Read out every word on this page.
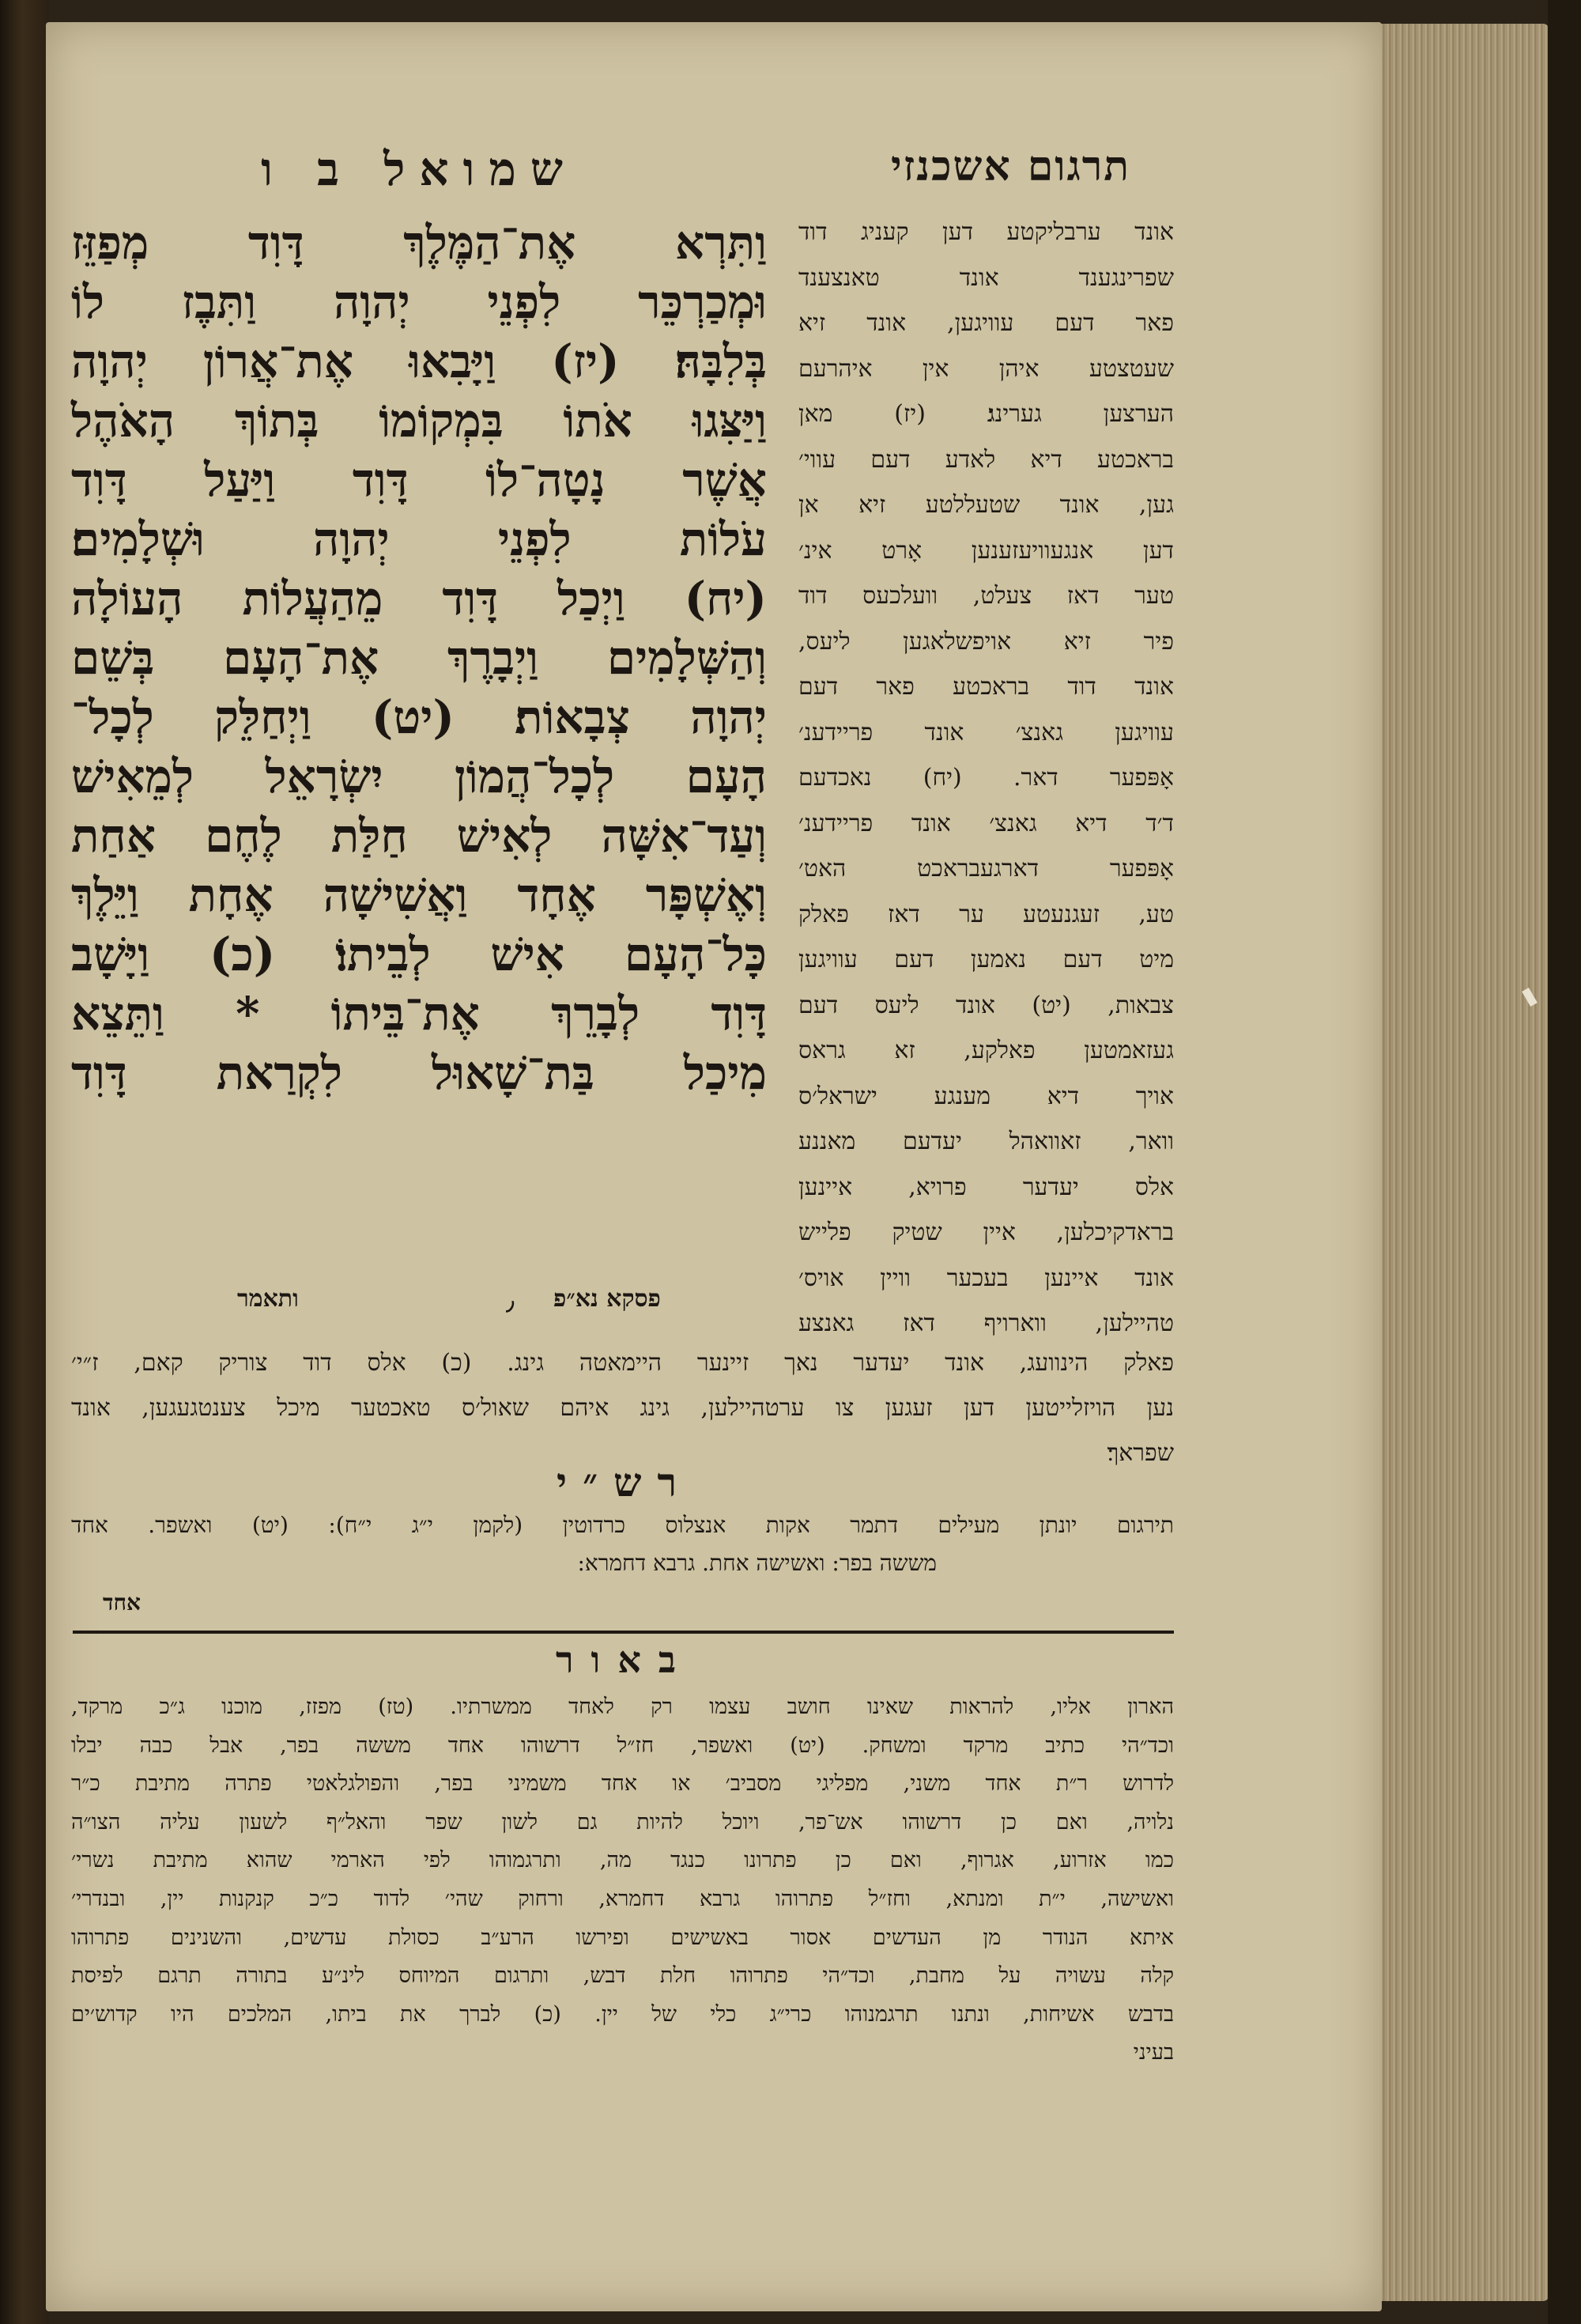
תרגום אשכנזי
שמואל ב ו
וַתִּרְא אֶת־הַמֶּלֶךְ דָּוִד מְפַזֵּז
וּמְכַרְכֵּר לִפְנֵי יְהוָה וַתִּבֶז לוֹ
בְּלִבָּהּ׃ (יז) וַיָּבִאוּ אֶת־אֲרוֹן יְהוָה
וַיַּצִּגוּ אֹתוֹ בִּמְקוֹמוֹ בְּתוֹךְ הָאֹהֶל
אֲשֶׁר נָטָה־לוֹ דָּוִד וַיַּעַל דָּוִד
עֹלוֹת לִפְנֵי יְהוָה וּשְׁלָמִים׃
(יח) וַיְכַל דָּוִד מֵהַעֲלוֹת הָעוֹלָה
וְהַשְּׁלָמִים וַיְבָרֶךְ אֶת־הָעָם בְּשֵׁם
יְהוָה צְבָאוֹת׃ (יט) וַיְחַלֵּק לְכָל־
הָעָם לְכָל־הֲמוֹן יִשְׂרָאֵל לְמֵאִישׁ
וְעַד־אִשָּׁה לְאִישׁ חַלַּת לֶחֶם אַחַת
וְאֶשְׁפָּר אֶחָד וַאֲשִׁישָׁה אֶחָת וַיֵּלֶךְ
כָּל־הָעָם אִישׁ לְבֵיתוֹ׃ (כ) וַיָּשָׁב
דָּוִד לְבָרֵךְ אֶת־בֵּיתוֹ * וַתֵּצֵא
מִיכַל בַּת־שָׁאוּל לִקְרַאת דָּוִד
פסקא נא״פ
٫
ותאמר
אונד ערבליקטע דען קעניג דוד
שפרינגענד אונד טאנצענד
פאר דעם עוויגען, אונד זיא
שעטצטע איהן אין איהרעם
הערצען גערינג׃ (יז) מאן
בראכטע דיא לאדע דעם עווי׳
גען, אונד שטעללטע זיא אן
דען אנגעוויעזענען אָרט אינ׳
טער דאז צעלט, וועלכעס דוד
פיר זיא אויפשלאגען ליעס,
אונד דוד בראכטע פאר דעם
עוויגען גאנצ׳ אונד פריידענ׳
אָפּפער דאר. (יח) נאכדעם
ד׳ד דיא גאנצ׳ אונד פריידענ׳
אָפּפער דארגעבראכט האט׳
טע, זעגנעטע ער דאז פאלק
מיט דעם נאמען דעם עוויגען
צבאות, (יט) אונד ליעס דעם
געזאמטען פאלקע, זא גראס
אויך דיא מענגע ישראל׳ס
וואר, זאוואהל יעדעם מאננע
אלס יעדער פרויא, איינען
בראדקיכלען, איין שטיק פלייש
אונד איינען בעכער וויין אויס׳
טהיילען, ווארויף דאז גאנצע
פאלק הינוועג, אונד יעדער נאך זיינער היימאטה גינג. (כ) אלס דוד צוריק קאם, ז״י׳
נען הויזלייטען דען זעגען צו ערטהיילען, גינג איהם שאול׳ס טאכטער מיכל צענטגעגען, אונד
שפראך׃
רש״י
תירגום יונתן מעילים דתמר אקות אנצלוס כרדוטין (לקמן י״ג י״ח): (יט) ואשפר. אחד
מששה בפר: ואשישה אחת. גרבא דחמרא:
אחד
באור
הארון אליו, להראות שאינו חושב עצמו רק לאחד ממשרתיו. (טז) מפזז, מוכנו ג״כ מרקד,
וכד״הי כתיב מרקד ומשחק. (יט) ואשפר, חז״ל דרשוהו אחד מששה בפר, אבל כבה יבלו
לדרוש ר״ת אחד משני, מפליגי מסביב׳ או אחד משמיני בפר, והפולגלאטי פתרה מתיבת כ״ר
נלויה, ואם כן דרשוהו אש־פר, ויוכל להיות גם לשון שפר והאל״ף לשעון עליה הצו״ה
כמו אזרוע, אגרוף, ואם כן פתרונו כנגד מה, ותרגמוהו לפי הארמי שהוא מתיבת נשרי׳
ואשישה, י״ת ומנתא, וחז״ל פתרוהו גרבא דחמרא, ורחוק שהי׳ לדוד כ״כ קנקנות יין, ובנדרי׳
איתא הנודר מן העדשים אסור באשישים ופירשו הרע״ב כסולת עדשים, והשנינים פתרוהו
קלה עשויה על מחבת, וכד״הי פתרוהו חלת דבש, ותרגום המיוחס לינ״ע בתורה תרגם לפיסת
בדבש אשיחות, ונתנו תרגמנוהו כרי״ג כלי של יין. (כ) לברך את ביתו, המלכים היו קדוש׳ים
בעיני
